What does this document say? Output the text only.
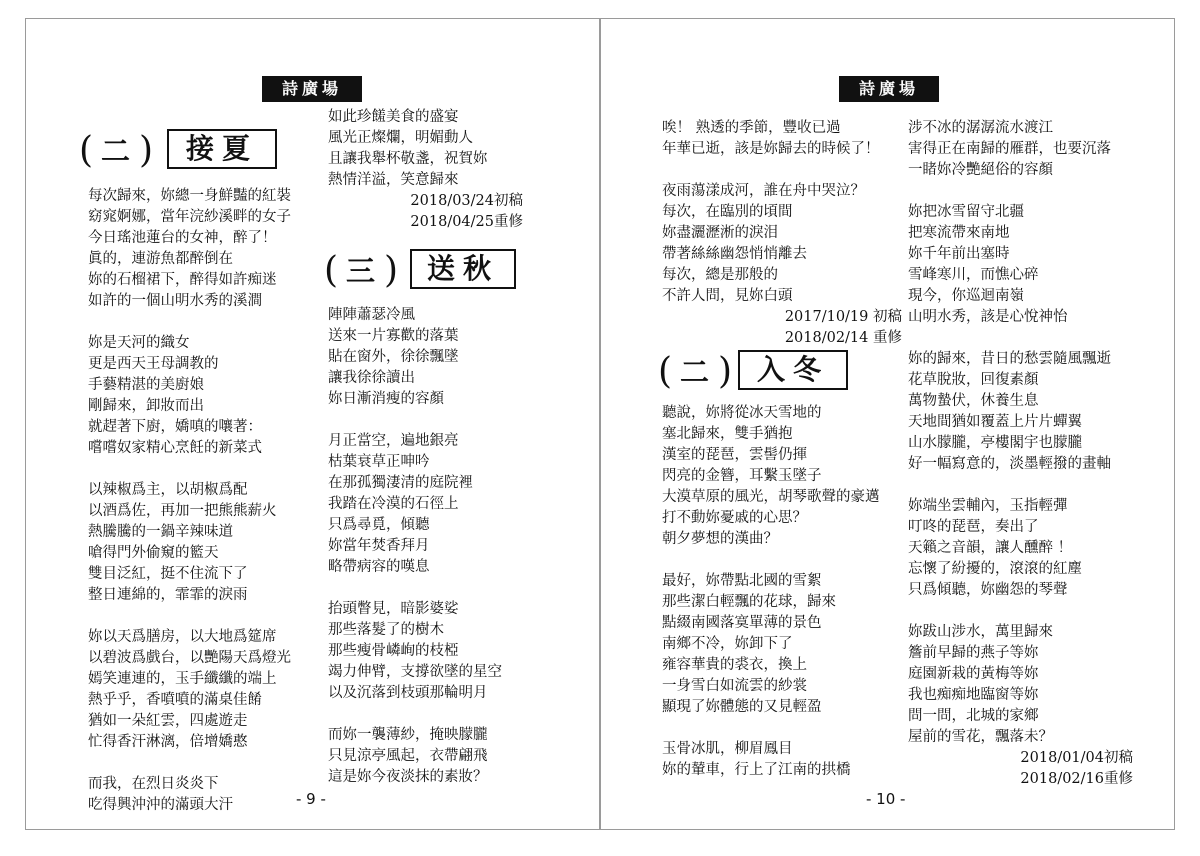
詩廣場
( 二 )	接夏
每次歸來，妳總一身鮮豔的紅裝
窈窕婀娜，當年浣紗溪畔的女子
今日瑤池蓮台的女神，醉了！
眞的，連游魚都醉倒在
妳的石榴裙下，醉得如許痴迷
如許的一個山明水秀的溪澗
妳是天河的織女
更是西天王母調教的
手藝精湛的美廚娘
剛歸來，卸妝而出
就趕著下廚，嬌嗔的嚷著：
嚐嚐奴家精心烹飪的新菜式
以辣椒爲主，以胡椒爲配
以酒爲佐，再加一把熊熊薪火
熱騰騰的一鍋辛辣味道
嗆得門外偷窺的籃天
雙目泛紅，挺不住流下了
整日連綿的，霏霏的淚雨
妳以天爲膳房，以大地爲筵席
以碧波爲戲台，以艷陽天爲燈光
嫣笑連連的，玉手纖纖的端上
熱乎乎，香噴噴的滿桌佳餚
猶如一朵紅雲，四處遊走
忙得香汗淋漓，倍增嬌憨
而我，在烈日炎炎下
吃得興沖沖的滿頭大汗
如此珍饈美食的盛宴
風光正燦爛，明媚動人
且讓我舉杯敬盞，祝賀妳
熱情洋溢，笑意歸來
2018/03/24初稿
2018/04/25重修
( 三 )	送秋
陣陣蕭瑟冷風
送來一片寡歡的落葉
貼在窗外，徐徐飄墜
讓我徐徐讀出
妳日漸消瘦的容顏
月正當空，遍地銀亮
枯葉衰草正呻吟
在那孤獨淒清的庭院裡
我踏在冷漠的石徑上
只爲尋覓，傾聽
妳當年焚香拜月
略帶病容的嘆息
抬頭瞥見，暗影婆娑
那些落髮了的樹木
那些瘦骨嶙峋的枝椏
竭力伸臂，支撐欲墜的星空
以及沉落到枝頭那輪明月
而妳一襲薄紗，掩映朦朧
只見涼亭風起，衣帶翩飛
這是妳今夜淡抹的素妝？
- 9 -
詩廣場
唉！ 熟透的季節，豐收已過
年華已逝，該是妳歸去的時候了！
夜雨蕩漾成河，誰在舟中哭泣？
每次，在臨別的頃間
妳盡灑瀝淅的淚泪
帶著絲絲幽怨悄悄離去
每次，總是那般的
不許人問，見妳白頭
2017/10/19 初稿
2018/02/14 重修
( 二 ) 入冬
聽說，妳將從冰天雪地的
塞北歸來，雙手猶抱
漢室的琵琶，雲髻仍揮
閃亮的金簪，耳繫玉墜子
大漠草原的風光，胡琴歌聲的豪邁
打不動妳憂戚的心思？
朝夕夢想的漢曲？
最好，妳帶點北國的雪絮
那些潔白輕飄的花球，歸來
點綴南國落寞單薄的景色
南鄉不冷，妳卸下了
雍容華貴的裘衣，換上
一身雪白如流雲的紗裳
顯現了妳體態的又見輕盈
玉骨冰肌，柳眉鳳目
妳的輦車，行上了江南的拱橋
涉不冰的潺潺流水渡江
害得正在南歸的雁群，也要沉落
一睹妳冷艷絕俗的容顏
妳把冰雪留守北疆
把寒流帶來南地
妳千年前出塞時
雪峰寒川，而憔心碎
現今，你巡迴南嶺
山明水秀，該是心悅神怡
妳的歸來，昔日的愁雲隨風飄逝
花草脫妝，回復素顏
萬物蟄伏，休養生息
天地間猶如覆蓋上片片蟬翼
山水朦朧，亭樓閣宇也朦朧
好一幅寫意的，淡墨輕撥的畫軸
妳端坐雲輔內，玉指輕彈
叮咚的琵琶，奏出了
天籟之音韻，讓人醺醉 ！
忘懷了紛擾的，滾滾的紅塵
只爲傾聽，妳幽怨的琴聲
妳跋山涉水，萬里歸來
簷前早歸的燕子等妳
庭園新栽的黃梅等妳
我也痴痴地臨窗等妳
問一問，北城的家鄉
屋前的雪花，飄落未？
2018/01/04初稿
2018/02/16重修
- 10 -
